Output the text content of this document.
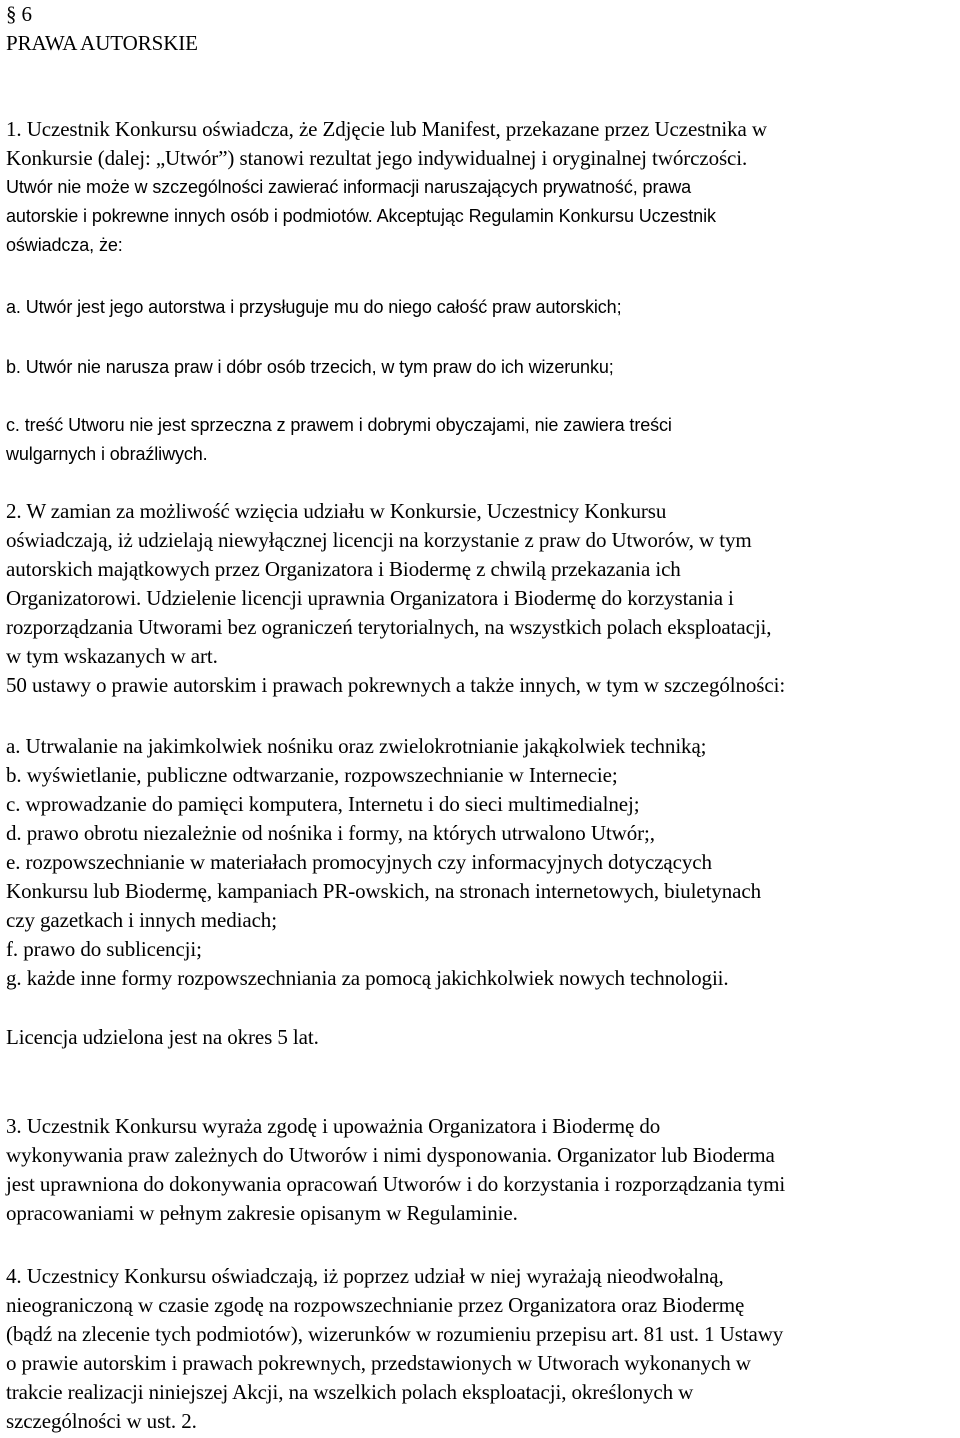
§ 6
PRAWA AUTORSKIE
1. Uczestnik Konkursu oświadcza, że Zdjęcie lub Manifest, przekazane przez Uczestnika w
Konkursie (dalej: „Utwór”) stanowi rezultat jego indywidualnej i oryginalnej twórczości.
Utwór nie może w szczególności zawierać informacji naruszających prywatność, prawa
autorskie i pokrewne innych osób i podmiotów. Akceptując Regulamin Konkursu Uczestnik
oświadcza, że:
a. Utwór jest jego autorstwa i przysługuje mu do niego całość praw autorskich;
b. Utwór nie narusza praw i dóbr osób trzecich, w tym praw do ich wizerunku;
c. treść Utworu nie jest sprzeczna z prawem i dobrymi obyczajami, nie zawiera treści
wulgarnych i obraźliwych.
2. W zamian za możliwość wzięcia udziału w Konkursie, Uczestnicy Konkursu
oświadczają, iż udzielają niewyłącznej licencji na korzystanie z praw do Utworów, w tym
autorskich majątkowych przez Organizatora i Biodermę z chwilą przekazania ich
Organizatorowi. Udzielenie licencji uprawnia Organizatora i Biodermę do korzystania i
rozporządzania Utworami bez ograniczeń terytorialnych, na wszystkich polach eksploatacji,
w tym wskazanych w art.
50 ustawy o prawie autorskim i prawach pokrewnych a także innych, w tym w szczególności:
a. Utrwalanie na jakimkolwiek nośniku oraz zwielokrotnianie jakąkolwiek techniką;
b. wyświetlanie, publiczne odtwarzanie, rozpowszechnianie w Internecie;
c. wprowadzanie do pamięci komputera, Internetu i do sieci multimedialnej;
d. prawo obrotu niezależnie od nośnika i formy, na których utrwalono Utwór;,
e. rozpowszechnianie w materiałach promocyjnych czy informacyjnych dotyczących
Konkursu lub Biodermę, kampaniach PR-owskich, na stronach internetowych, biuletynach
czy gazetkach i innych mediach;
f. prawo do sublicencji;
g. każde inne formy rozpowszechniania za pomocą jakichkolwiek nowych technologii.
Licencja udzielona jest na okres 5 lat.
3. Uczestnik Konkursu wyraża zgodę i upoważnia Organizatora i Biodermę do
wykonywania praw zależnych do Utworów i nimi dysponowania. Organizator lub Bioderma
jest uprawniona do dokonywania opracowań Utworów i do korzystania i rozporządzania tymi
opracowaniami w pełnym zakresie opisanym w Regulaminie.
4. Uczestnicy Konkursu oświadczają, iż poprzez udział w niej wyrażają nieodwołalną,
nieograniczoną w czasie zgodę na rozpowszechnianie przez Organizatora oraz Biodermę
(bądź na zlecenie tych podmiotów), wizerunków w rozumieniu przepisu art. 81 ust. 1 Ustawy
o prawie autorskim i prawach pokrewnych, przedstawionych w Utworach wykonanych w
trakcie realizacji niniejszej Akcji, na wszelkich polach eksploatacji, określonych w
szczególności w ust. 2.
